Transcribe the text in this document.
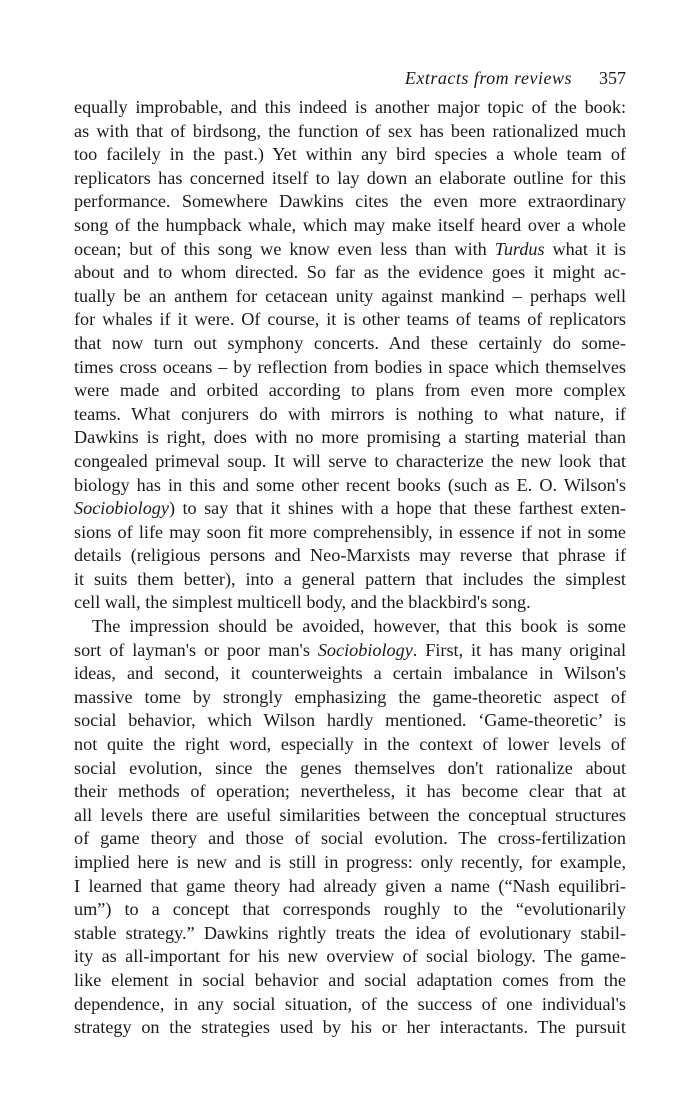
Extracts from reviews 357
equally improbable, and this indeed is another major topic of the book:
as with that of birdsong, the function of sex has been rationalized much
too facilely in the past.) Yet within any bird species a whole team of
replicators has concerned itself to lay down an elaborate outline for this
performance. Somewhere Dawkins cites the even more extraordinary
song of the humpback whale, which may make itself heard over a whole
ocean; but of this song we know even less than with Turdus what it is
about and to whom directed. So far as the evidence goes it might ac-
tually be an anthem for cetacean unity against mankind – perhaps well
for whales if it were. Of course, it is other teams of teams of replicators
that now turn out symphony concerts. And these certainly do some-
times cross oceans – by reflection from bodies in space which themselves
were made and orbited according to plans from even more complex
teams. What conjurers do with mirrors is nothing to what nature, if
Dawkins is right, does with no more promising a starting material than
congealed primeval soup. It will serve to characterize the new look that
biology has in this and some other recent books (such as E. O. Wilson's
Sociobiology) to say that it shines with a hope that these farthest exten-
sions of life may soon fit more comprehensibly, in essence if not in some
details (religious persons and Neo-Marxists may reverse that phrase if
it suits them better), into a general pattern that includes the simplest
cell wall, the simplest multicell body, and the blackbird's song.
The impression should be avoided, however, that this book is some
sort of layman's or poor man's Sociobiology. First, it has many original
ideas, and second, it counterweights a certain imbalance in Wilson's
massive tome by strongly emphasizing the game-theoretic aspect of
social behavior, which Wilson hardly mentioned. ‘Game-theoretic’ is
not quite the right word, especially in the context of lower levels of
social evolution, since the genes themselves don't rationalize about
their methods of operation; nevertheless, it has become clear that at
all levels there are useful similarities between the conceptual structures
of game theory and those of social evolution. The cross-fertilization
implied here is new and is still in progress: only recently, for example,
I learned that game theory had already given a name (“Nash equilibri-
um”) to a concept that corresponds roughly to the “evolutionarily
stable strategy.” Dawkins rightly treats the idea of evolutionary stabil-
ity as all-important for his new overview of social biology. The game-
like element in social behavior and social adaptation comes from the
dependence, in any social situation, of the success of one individual's
strategy on the strategies used by his or her interactants. The pursuit
